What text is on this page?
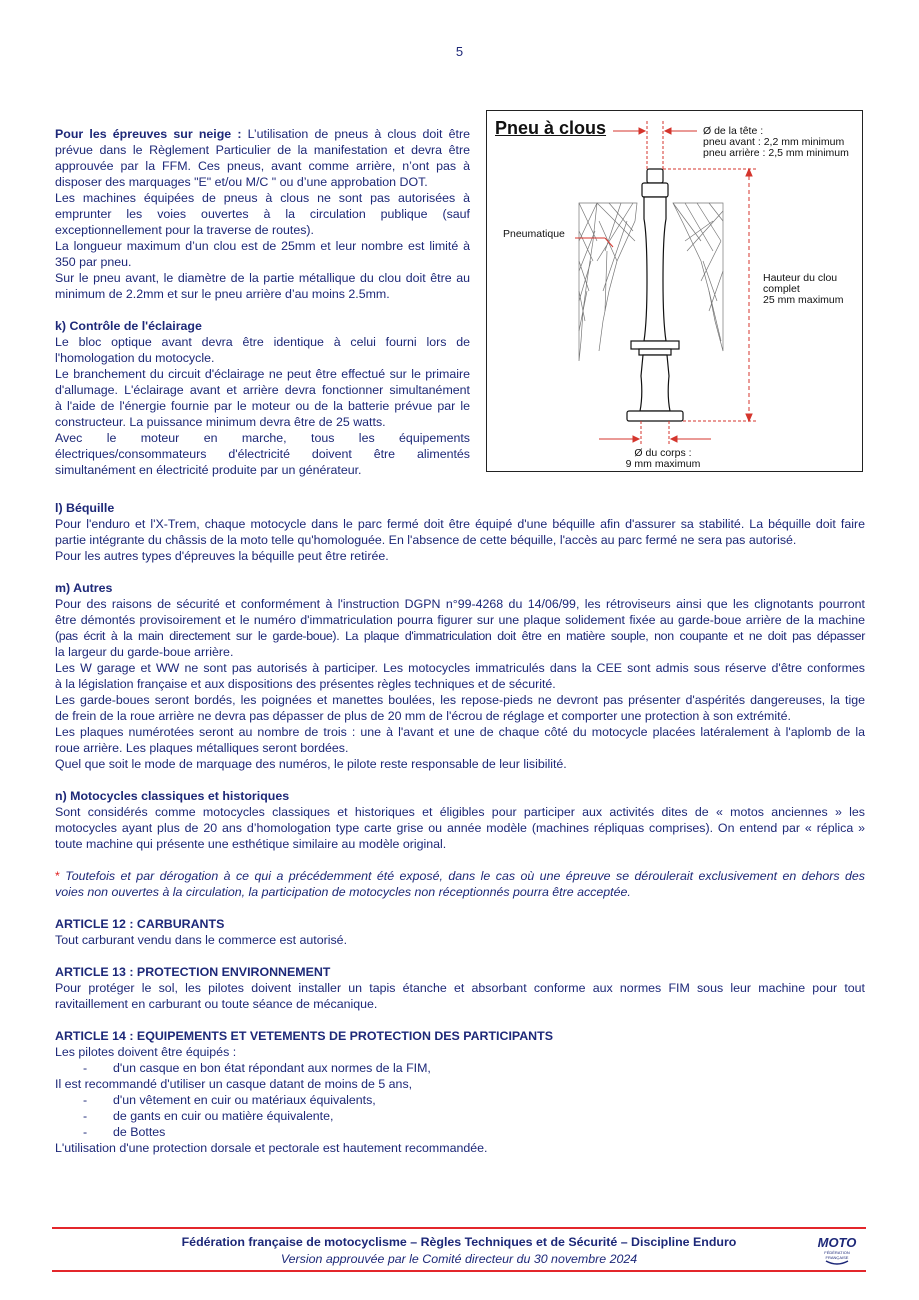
5
Pour les épreuves sur neige : L’utilisation de pneus à clous doit être
prévue dans le Règlement Particulier de la manifestation et devra être
approuvée par la FFM. Ces pneus, avant comme arrière, n’ont pas à
disposer des marquages "E" et/ou M/C " ou d’une approbation DOT.
Les machines équipées de pneus à clous ne sont pas autorisées à
emprunter les voies ouvertes à la circulation publique (sauf
exceptionnellement pour la traverse de routes).
La longueur maximum d’un clou est de 25mm et leur nombre est limité à
350 par pneu.
Sur le pneu avant, le diamètre de la partie métallique du clou doit être au
minimum de 2.2mm et sur le pneu arrière d’au moins 2.5mm.
k) Contrôle de l'éclairage
Le bloc optique avant devra être identique à celui fourni lors de
l'homologation du motocycle.
Le branchement du circuit d'éclairage ne peut être effectué sur le primaire
d'allumage. L'éclairage avant et arrière devra fonctionner simultanément
à l'aide de l'énergie fournie par le moteur ou de la batterie prévue par le
constructeur. La puissance minimum devra être de 25 watts.
Avec le moteur en marche, tous les équipements
électriques/consommateurs d'électricité doivent être alimentés
simultanément en électricité produite par un générateur.
Pneu à clous	Ø de la tête :
pneu avant : 2,2 mm minimum
pneu arrière : 2,5 mm minimum
Pneumatique
Hauteur du clou
complet
25 mm maximum
Ø du corps :
9 mm maximum
l) Béquille
Pour l'enduro et l'X-Trem, chaque motocycle dans le parc fermé doit être équipé d'une béquille afin d'assurer sa stabilité. La béquille doit faire
partie intégrante du châssis de la moto telle qu'homologuée. En l'absence de cette béquille, l'accès au parc fermé ne sera pas autorisé.
Pour les autres types d'épreuves la béquille peut être retirée.
m) Autres
Pour des raisons de sécurité et conformément à l'instruction DGPN n°99-4268 du 14/06/99, les rétroviseurs ainsi que les clignotants pourront
être démontés provisoirement et le numéro d'immatriculation pourra figurer sur une plaque solidement fixée au garde-boue arrière de la machine
(pas écrit à la main directement sur le garde-boue). La plaque d'immatriculation doit être en matière souple, non coupante et ne doit pas dépasser
la largeur du garde-boue arrière.
Les W garage et WW ne sont pas autorisés à participer. Les motocycles immatriculés dans la CEE sont admis sous réserve d'être conformes
à la législation française et aux dispositions des présentes règles techniques et de sécurité.
Les garde-boues seront bordés, les poignées et manettes boulées, les repose-pieds ne devront pas présenter d'aspérités dangereuses, la tige
de frein de la roue arrière ne devra pas dépasser de plus de 20 mm de l'écrou de réglage et comporter une protection à son extrémité.
Les plaques numérotées seront au nombre de trois : une à l'avant et une de chaque côté du motocycle placées latéralement à l'aplomb de la
roue arrière. Les plaques métalliques seront bordées.
Quel que soit le mode de marquage des numéros, le pilote reste responsable de leur lisibilité.
n) Motocycles classiques et historiques
Sont considérés comme motocycles classiques et historiques et éligibles pour participer aux activités dites de « motos anciennes » les
motocycles ayant plus de 20 ans d’homologation type carte grise ou année modèle (machines répliquas comprises). On entend par « réplica »
toute machine qui présente une esthétique similaire au modèle original.
* Toutefois et par dérogation à ce qui a précédemment été exposé, dans le cas où une épreuve se déroulerait exclusivement en dehors des
voies non ouvertes à la circulation, la participation de motocycles non réceptionnés pourra être acceptée.
ARTICLE 12 : CARBURANTS
Tout carburant vendu dans le commerce est autorisé.
ARTICLE 13 : PROTECTION ENVIRONNEMENT
Pour protéger le sol, les pilotes doivent installer un tapis étanche et absorbant conforme aux normes FIM sous leur machine pour tout
ravitaillement en carburant ou toute séance de mécanique.
ARTICLE 14 : EQUIPEMENTS ET VETEMENTS DE PROTECTION DES PARTICIPANTS
Les pilotes doivent être équipés :
- d'un casque en bon état répondant aux normes de la FIM,
Il est recommandé d'utiliser un casque datant de moins de 5 ans,
- d'un vêtement en cuir ou matériaux équivalents,
- de gants en cuir ou matière équivalente,
- de Bottes
L'utilisation d'une protection dorsale et pectorale est hautement recommandée.
Fédération française de motocyclisme – Règles Techniques et de Sécurité – Discipline Enduro
Version approuvée par le Comité directeur du 30 novembre 2024
MOTO
FÉDÉRATION
FRANÇAISE
